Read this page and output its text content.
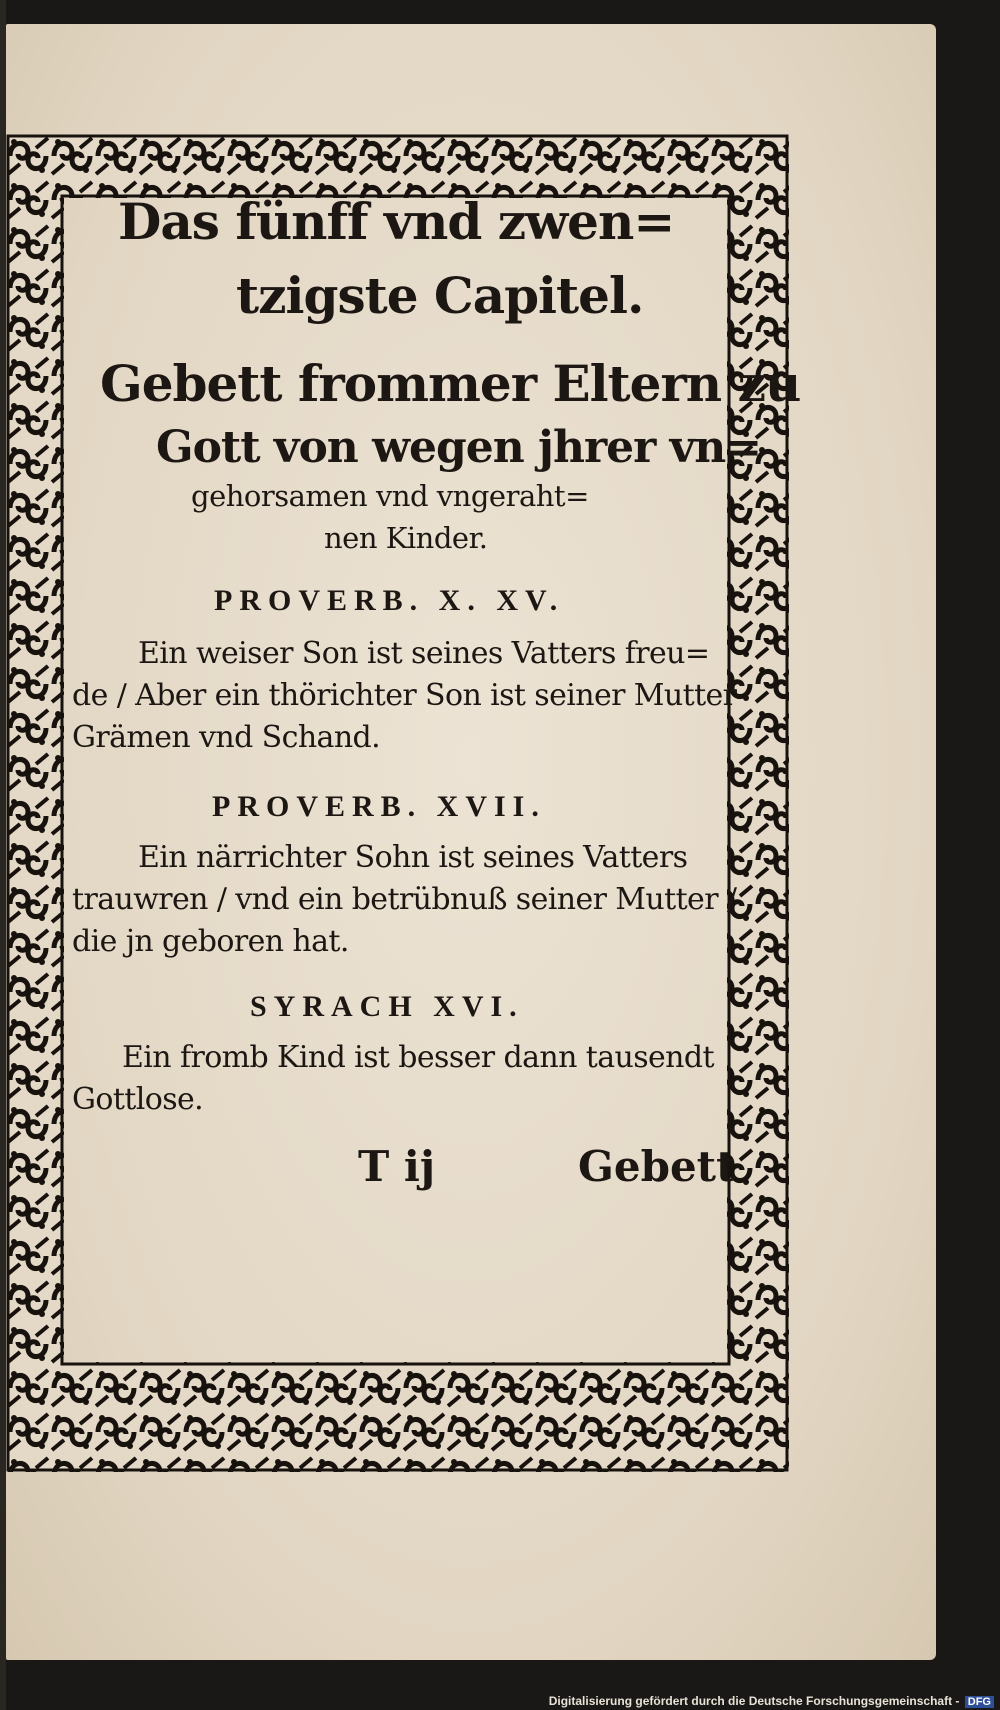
Das fünff vnd zwen=
tzigste Capitel.
Gebett frommer Eltern zu
Gott von wegen jhrer vn=
gehorsamen vnd vngeraht=
nen Kinder.
PROVERB. X. XV.
Ein weiser Son ist seines Vatters freu=
de / Aber ein thörichter Son ist seiner Mutter
Grämen vnd Schand.
PROVERB. XVII.
Ein närrichter Sohn ist seines Vatters
trauwren / vnd ein betrübnuß seiner Mutter /
die jn geboren hat.
SYRACH XVI.
Ein fromb Kind ist besser dann tausendt
Gottlose.
T ij	Gebett
Digitalisierung gefördert durch die Deutsche Forschungsgemeinschaft - DFG
